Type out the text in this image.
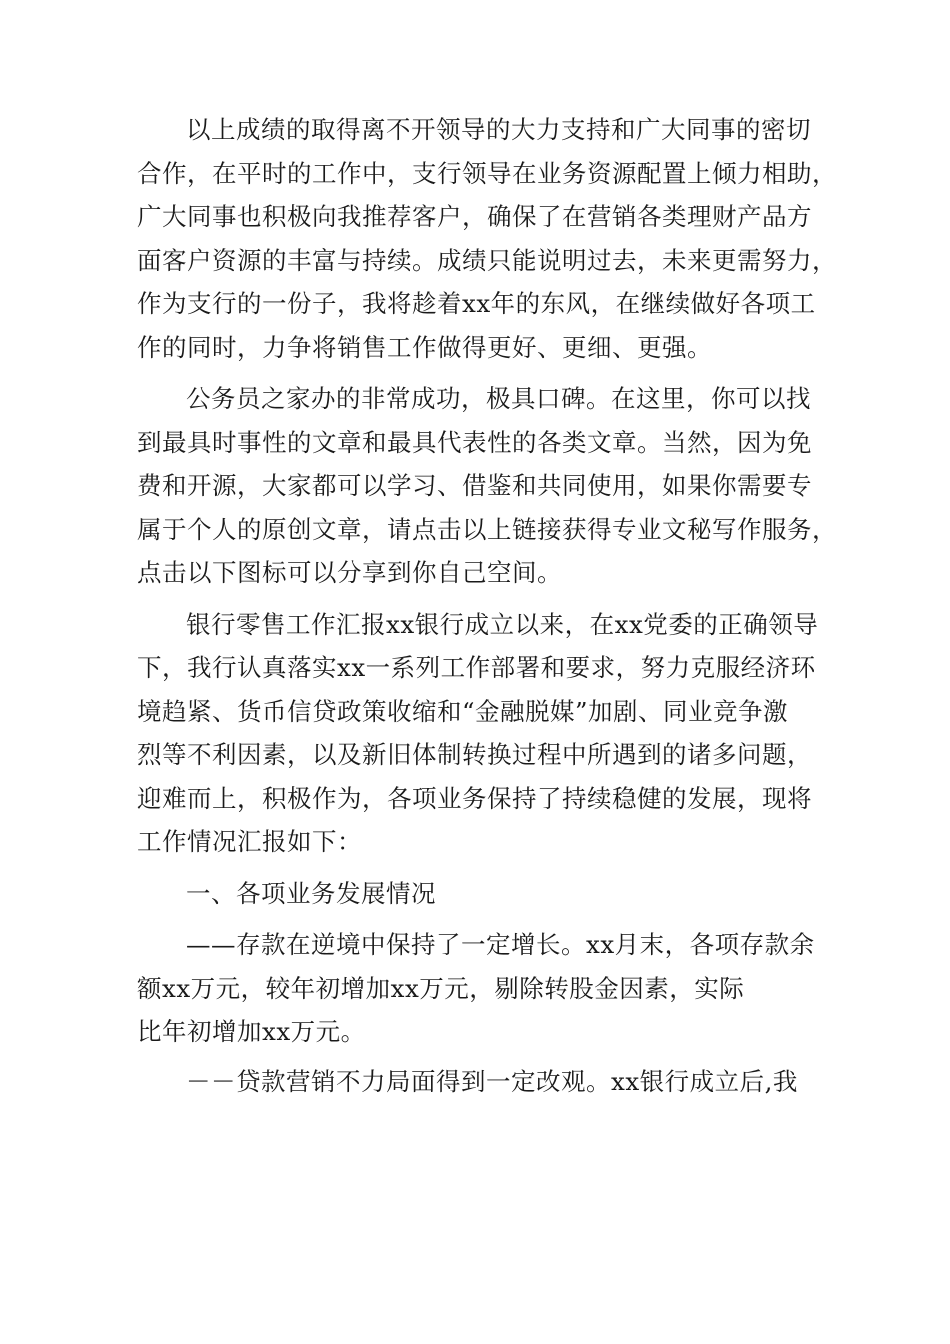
以上成绩的取得离不开领导的大力支持和广大同事的密切
合作，在平时的工作中，支行领导在业务资源配置上倾力相助，
广大同事也积极向我推荐客户，确保了在营销各类理财产品方
面客户资源的丰富与持续。成绩只能说明过去，未来更需努力，
作为支行的一份子，我将趁着xx年的东风，在继续做好各项工
作的同时，力争将销售工作做得更好、更细、更强。
公务员之家办的非常成功，极具口碑。在这里，你可以找
到最具时事性的文章和最具代表性的各类文章。当然，因为免
费和开源，大家都可以学习、借鉴和共同使用，如果你需要专
属于个人的原创文章，请点击以上链接获得专业文秘写作服务，
点击以下图标可以分享到你自己空间。
银行零售工作汇报xx银行成立以来，在xx党委的正确领导
下，我行认真落实xx一系列工作部署和要求，努力克服经济环
境趋紧、货币信贷政策收缩和“金融脱媒”加剧、同业竞争激
烈等不利因素，以及新旧体制转换过程中所遇到的诸多问题，
迎难而上，积极作为，各项业务保持了持续稳健的发展，现将
工作情况汇报如下：
一、各项业务发展情况
——存款在逆境中保持了一定增长。xx月末，各项存款余
额xx万元，较年初增加xx万元，剔除转股金因素，实际
比年初增加xx万元。
－－贷款营销不力局面得到一定改观。xx银行成立后,我
